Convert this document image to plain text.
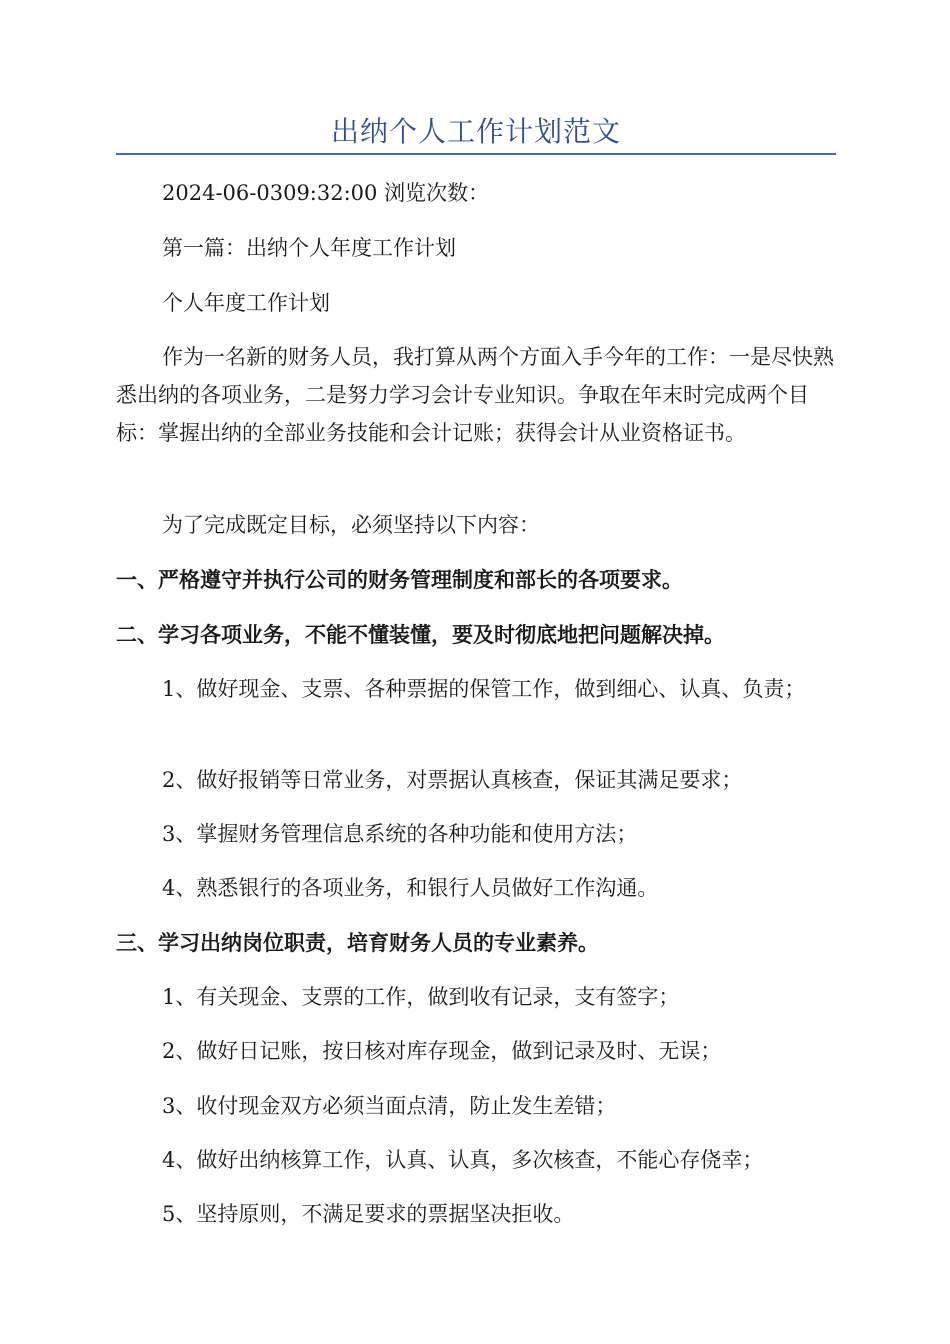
出纳个人工作计划范文

2024-06-0309:32:00 浏览次数：

第一篇：出纳个人年度工作计划

个人年度工作计划

作为一名新的财务人员，我打算从两个方面入手今年的工作：一是尽快熟悉出纳的各项业务，二是努力学习会计专业知识。争取在年末时完成两个目标：掌握出纳的全部业务技能和会计记账；获得会计从业资格证书。

为了完成既定目标，必须坚持以下内容：

一、严格遵守并执行公司的财务管理制度和部长的各项要求。

二、学习各项业务，不能不懂装懂，要及时彻底地把问题解决掉。

1、做好现金、支票、各种票据的保管工作，做到细心、认真、负责；

2、做好报销等日常业务，对票据认真核查，保证其满足要求；

3、掌握财务管理信息系统的各种功能和使用方法；

4、熟悉银行的各项业务，和银行人员做好工作沟通。

三、学习出纳岗位职责，培育财务人员的专业素养。

1、有关现金、支票的工作，做到收有记录，支有签字；

2、做好日记账，按日核对库存现金，做到记录及时、无误；

3、收付现金双方必须当面点清，防止发生差错；

4、做好出纳核算工作，认真、认真，多次核查，不能心存侥幸；

5、坚持原则，不满足要求的票据坚决拒收。
